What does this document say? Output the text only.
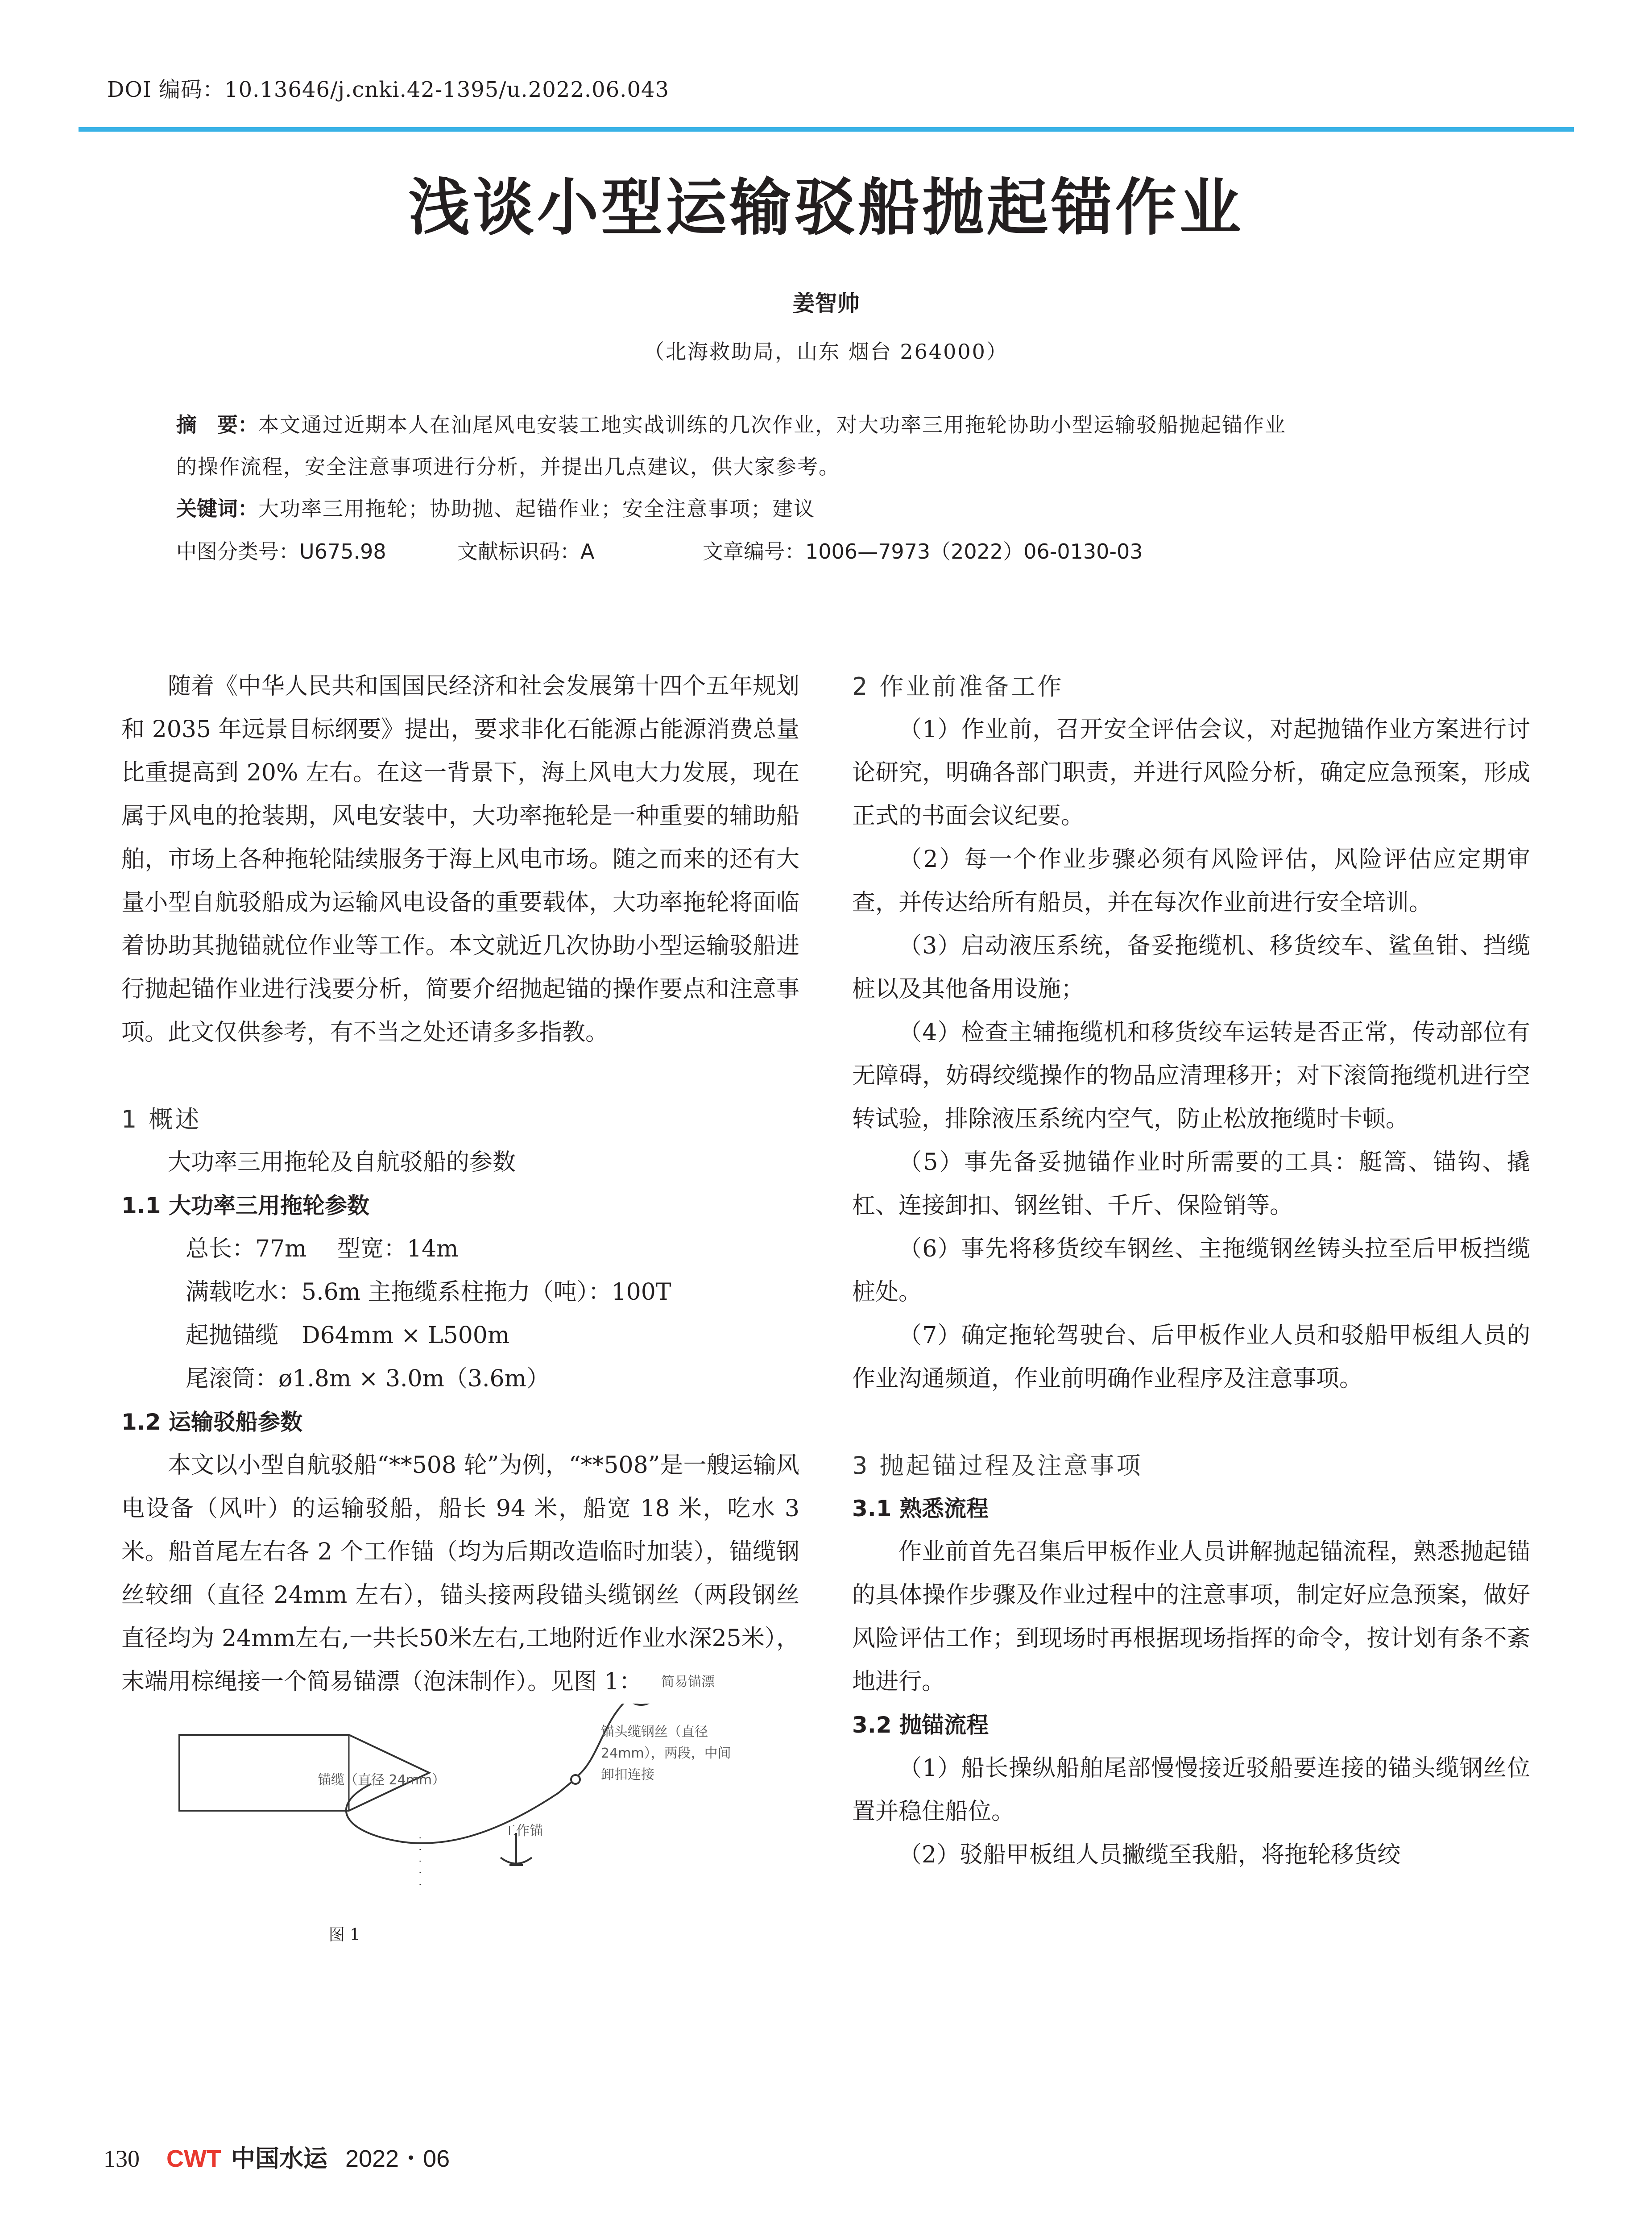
DOI 编码：10.13646/j.cnki.42-1395/u.2022.06.043
浅谈小型运输驳船抛起锚作业
姜智帅
（北海救助局，山东 烟台 264000）
摘　要：本文通过近期本人在汕尾风电安装工地实战训练的几次作业，对大功率三用拖轮协助小型运输驳船抛起锚作业
的操作流程，安全注意事项进行分析，并提出几点建议，供大家参考。
关键词：大功率三用拖轮；协助抛、起锚作业；安全注意事项；建议
中图分类号：U675.98	文献标识码：A	文章编号：1006—7973（2022）06-0130-03

随着《中华人民共和国国民经济和社会发展第十四个五年规划和 2035 年远景目标纲要》提出，要求非化石能源占能源消费总量比重提高到 20% 左右。在这一背景下，海上风电大力发展，现在属于风电的抢装期，风电安装中，大功率拖轮是一种重要的辅助船舶，市场上各种拖轮陆续服务于海上风电市场。随之而来的还有大量小型自航驳船成为运输风电设备的重要载体，大功率拖轮将面临着协助其抛锚就位作业等工作。本文就近几次协助小型运输驳船进行抛起锚作业进行浅要分析，简要介绍抛起锚的操作要点和注意事项。此文仅供参考，有不当之处还请多多指教。

1 概述

大功率三用拖轮及自航驳船的参数

1.1 大功率三用拖轮参数

总长：77m　 型宽：14m

满载吃水：5.6m 主拖缆系柱拖力（吨）：100T

起抛锚缆　D64mm × L500m

尾滚筒：ø1.8m × 3.0m（3.6m）

1.2 运输驳船参数

本文以小型自航驳船“**508 轮”为例，“**508”是一艘运输风电设备（风叶）的运输驳船，船长 94 米，船宽 18 米，吃水 3 米。船首尾左右各 2 个工作锚（均为后期改造临时加装），锚缆钢丝较细（直径 24mm 左右），锚头接两段锚头缆钢丝（两段钢丝直径均为 24mm左右,一共长50米左右,工地附近作业水深25米），末端用棕绳接一个简易锚漂（泡沫制作）。见图 1：	简易锚漂
锚头缆钢丝（直径
24mm），两段，中间
卸扣连接
锚缆（直径 24mm）
工作锚
图 1
2 作业前准备工作

（1）作业前，召开安全评估会议，对起抛锚作业方案进行讨论研究，明确各部门职责，并进行风险分析，确定应急预案，形成正式的书面会议纪要。

（2）每一个作业步骤必须有风险评估，风险评估应定期审查，并传达给所有船员，并在每次作业前进行安全培训。

（3）启动液压系统，备妥拖缆机、移货绞车、鲨鱼钳、挡缆桩以及其他备用设施；

（4）检查主辅拖缆机和移货绞车运转是否正常，传动部位有无障碍，妨碍绞缆操作的物品应清理移开；对下滚筒拖缆机进行空转试验，排除液压系统内空气，防止松放拖缆时卡顿。

（5）事先备妥抛锚作业时所需要的工具：艇篙、锚钩、撬杠、连接卸扣、钢丝钳、千斤、保险销等。

（6）事先将移货绞车钢丝、主拖缆钢丝铸头拉至后甲板挡缆桩处。

（7）确定拖轮驾驶台、后甲板作业人员和驳船甲板组人员的作业沟通频道，作业前明确作业程序及注意事项。

3 抛起锚过程及注意事项
3.1 熟悉流程

作业前首先召集后甲板作业人员讲解抛起锚流程，熟悉抛起锚的具体操作步骤及作业过程中的注意事项，制定好应急预案，做好风险评估工作；到现场时再根据现场指挥的命令，按计划有条不紊地进行。

3.2 抛锚流程

（1）船长操纵船舶尾部慢慢接近驳船要连接的锚头缆钢丝位置并稳住船位。

（2）驳船甲板组人员撇缆至我船，将拖轮移货绞

130 CWT 中国水运 2022・06
